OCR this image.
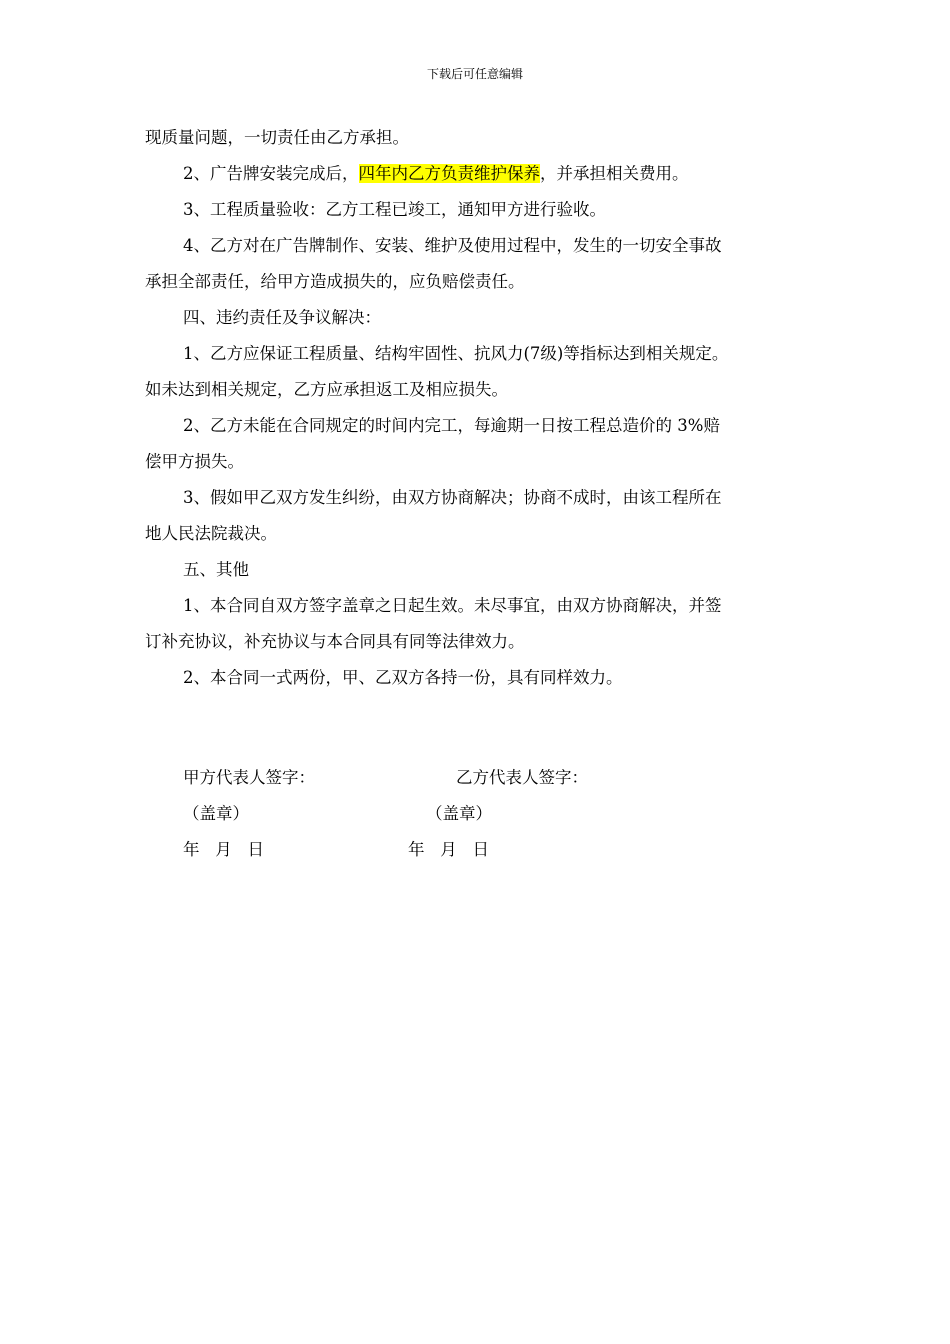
下载后可任意编辑
现质量问题，一切责任由乙方承担。
2、广告牌安装完成后，四年内乙方负责维护保养，并承担相关费用。
3、工程质量验收：乙方工程已竣工，通知甲方进行验收。
4、乙方对在广告牌制作、安装、维护及使用过程中，发生的一切安全事故
承担全部责任，给甲方造成损失的，应负赔偿责任。
四、违约责任及争议解决：
1、乙方应保证工程质量、结构牢固性、抗风力(7级)等指标达到相关规定。
如未达到相关规定，乙方应承担返工及相应损失。
2、乙方未能在合同规定的时间内完工，每逾期一日按工程总造价的 3%赔
偿甲方损失。
3、假如甲乙双方发生纠纷，由双方协商解决；协商不成时，由该工程所在
地人民法院裁决。
五、其他
1、本合同自双方签字盖章之日起生效。未尽事宜，由双方协商解决，并签
订补充协议，补充协议与本合同具有同等法律效力。
2、本合同一式两份，甲、乙双方各持一份，具有同样效力。
甲方代表人签字：
（盖章）
年   月   日
乙方代表人签字：
（盖章）
年   月   日
